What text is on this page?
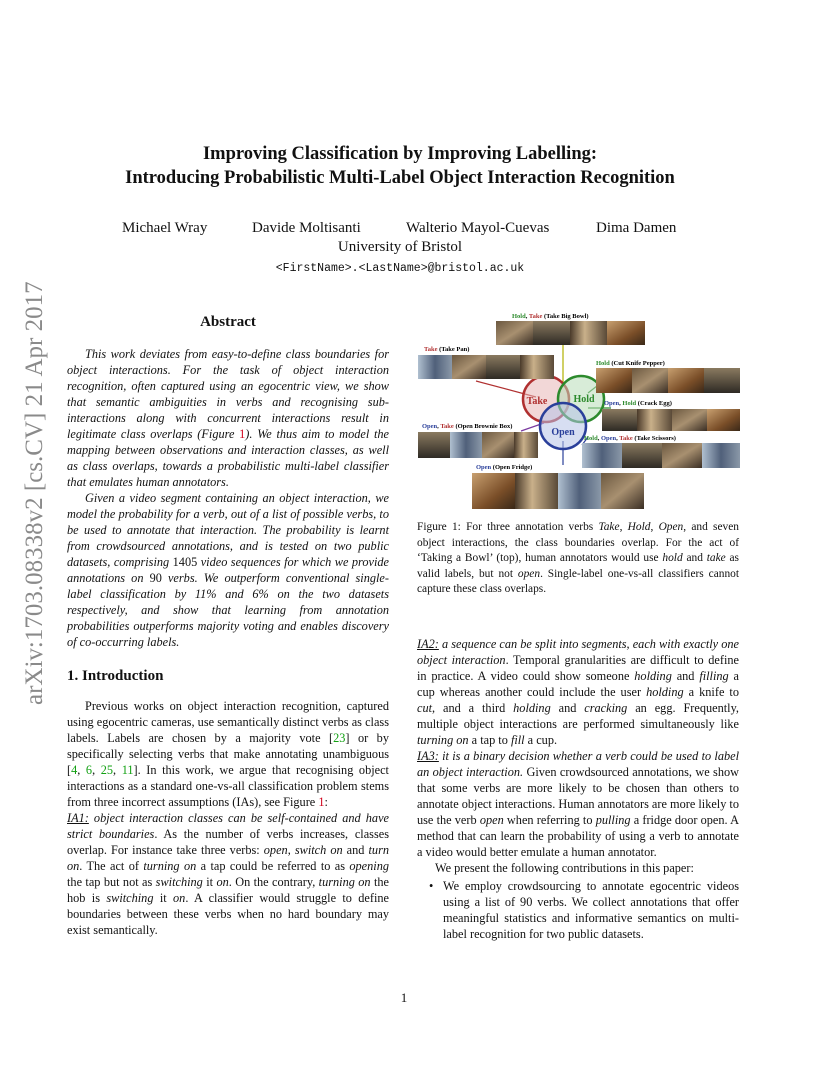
arXiv:1703.08338v2 [cs.CV] 21 Apr 2017
Improving Classification by Improving Labelling:
Introducing Probabilistic Multi-Label Object Interaction Recognition
Michael Wray	Davide Moltisanti	Walterio Mayol-Cuevas	Dima Damen
University of Bristol
<FirstName>.<LastName>@bristol.ac.uk
Abstract

This work deviates from easy-to-define class boundaries for object interactions. For the task of object interaction recognition, often captured using an egocentric view, we show that semantic ambiguities in verbs and recognising sub-interactions along with concurrent interactions result in legitimate class overlaps (Figure 1). We thus aim to model the mapping between observations and interaction classes, as well as class overlaps, towards a probabilistic multi-label classifier that emulates human annotators.

Given a video segment containing an object interaction, we model the probability for a verb, out of a list of possible verbs, to be used to annotate that interaction. The probability is learnt from crowdsourced annotations, and is tested on two public datasets, comprising 1405 video sequences for which we provide annotations on 90 verbs. We outperform conventional single-label classification by 11% and 6% on the two datasets respectively, and show that learning from annotation probabilities outperforms majority voting and enables discovery of co-occurring labels.

1. Introduction

Previous works on object interaction recognition, captured using egocentric cameras, use semantically distinct verbs as class labels. Labels are chosen by a majority vote [23] or by specifically selecting verbs that make annotating unambiguous [4, 6, 25, 11]. In this work, we argue that recognising object interactions as a standard one-vs-all classification problem stems from three incorrect assumptions (IAs), see Figure 1:

IA1: object interaction classes can be self-contained and have strict boundaries. As the number of verbs increases, classes overlap. For instance take three verbs: open, switch on and turn on. The act of turning on a tap could be referred to as opening the tap but not as switching it on. On the contrary, turning on the hob is switching it on. A classifier would struggle to define boundaries between these verbs when no hard boundary may exist semantically.

Take	Hold
Open
Hold, Take (Take Big Bowl)
Take (Take Pan)
Hold (Cut Knife Pepper)
Open, Hold (Crack Egg)
Open, Take (Open Brownie Box)
Hold, Open, Take (Take Scissors)
Open (Open Fridge)

Figure 1: For three annotation verbs Take, Hold, Open, and seven object interactions, the class boundaries overlap. For the act of ‘Taking a Bowl’ (top), human annotators would use hold and take as valid labels, but not open. Single-label one-vs-all classifiers cannot capture these class overlaps.

IA2: a sequence can be split into segments, each with exactly one object interaction. Temporal granularities are difficult to define in practice. A video could show someone holding and filling a cup whereas another could include the user holding a knife to cut, and a third holding and cracking an egg. Frequently, multiple object interactions are performed simultaneously like turning on a tap to fill a cup.

IA3: it is a binary decision whether a verb could be used to label an object interaction. Given crowdsourced annotations, we show that some verbs are more likely to be chosen than others to annotate object interactions. Human annotators are more likely to use the verb open when referring to pulling a fridge door open. A method that can learn the probability of using a verb to annotate a video would better emulate a human annotator.

We present the following contributions in this paper:

• We employ crowdsourcing to annotate egocentric videos using a list of 90 verbs. We collect annotations that offer meaningful statistics and informative semantics on multi-label recognition for two public datasets.
1
